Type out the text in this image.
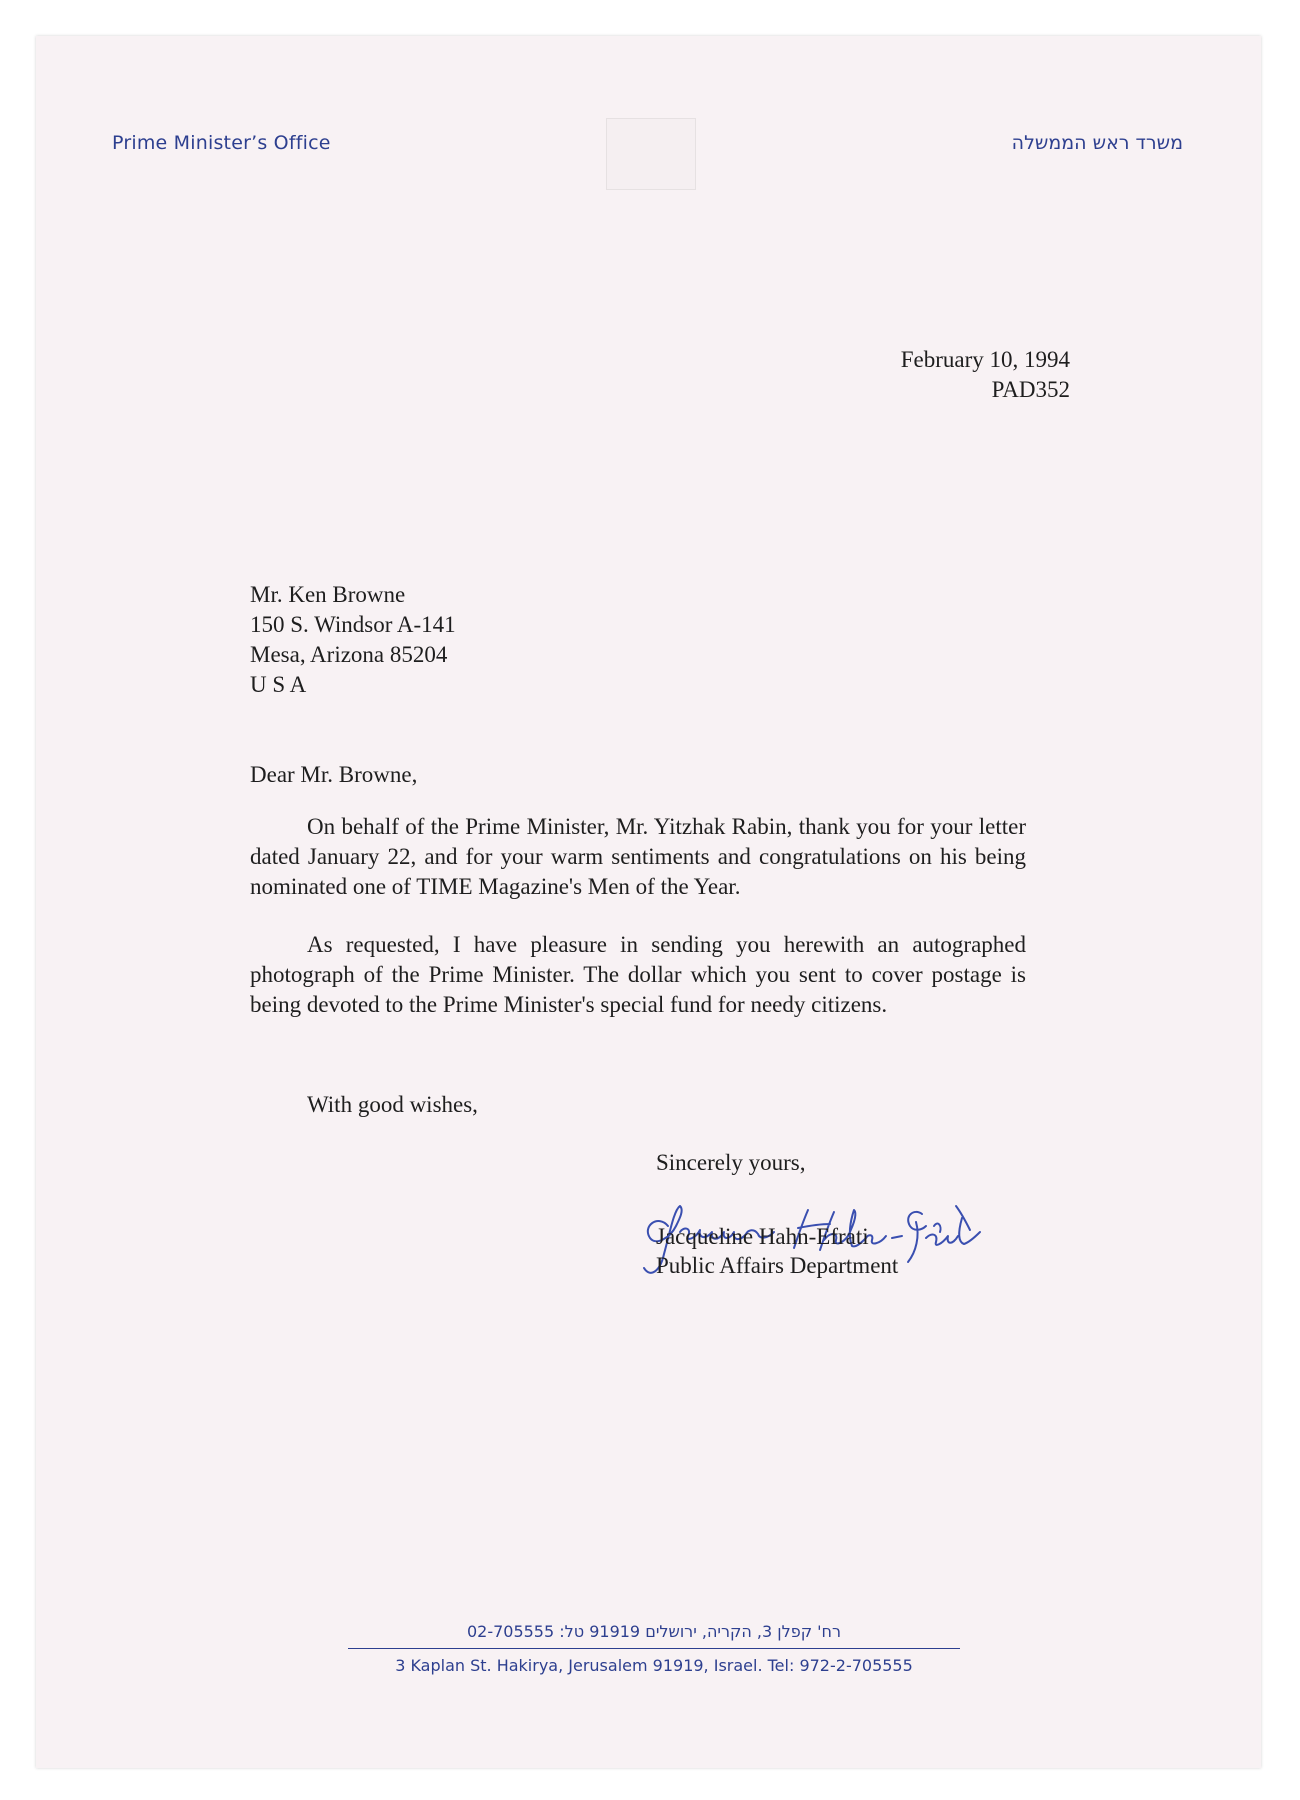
Prime Minister’s Office	משרד ראש הממשלה
February 10, 1994
PAD352
Mr. Ken Browne
150 S. Windsor A-141
Mesa, Arizona 85204
U S A
Dear Mr. Browne,

On behalf of the Prime Minister, Mr. Yitzhak Rabin, thank you for your letter dated January 22, and for your warm sentiments and congratulations on his being nominated one of TIME Magazine's Men of the Year.

As requested, I have pleasure in sending you herewith an autographed photograph of the Prime Minister. The dollar which you sent to cover postage is being devoted to the Prime Minister's special fund for needy citizens.

With good wishes,
Sincerely yours,
Jacqueline Hahn-Efrati
Public Affairs Department
רח' קפלן 3, הקריה, ירושלים 91919 טל: 02-705555
3 Kaplan St. Hakirya, Jerusalem 91919, Israel. Tel: 972-2-705555
